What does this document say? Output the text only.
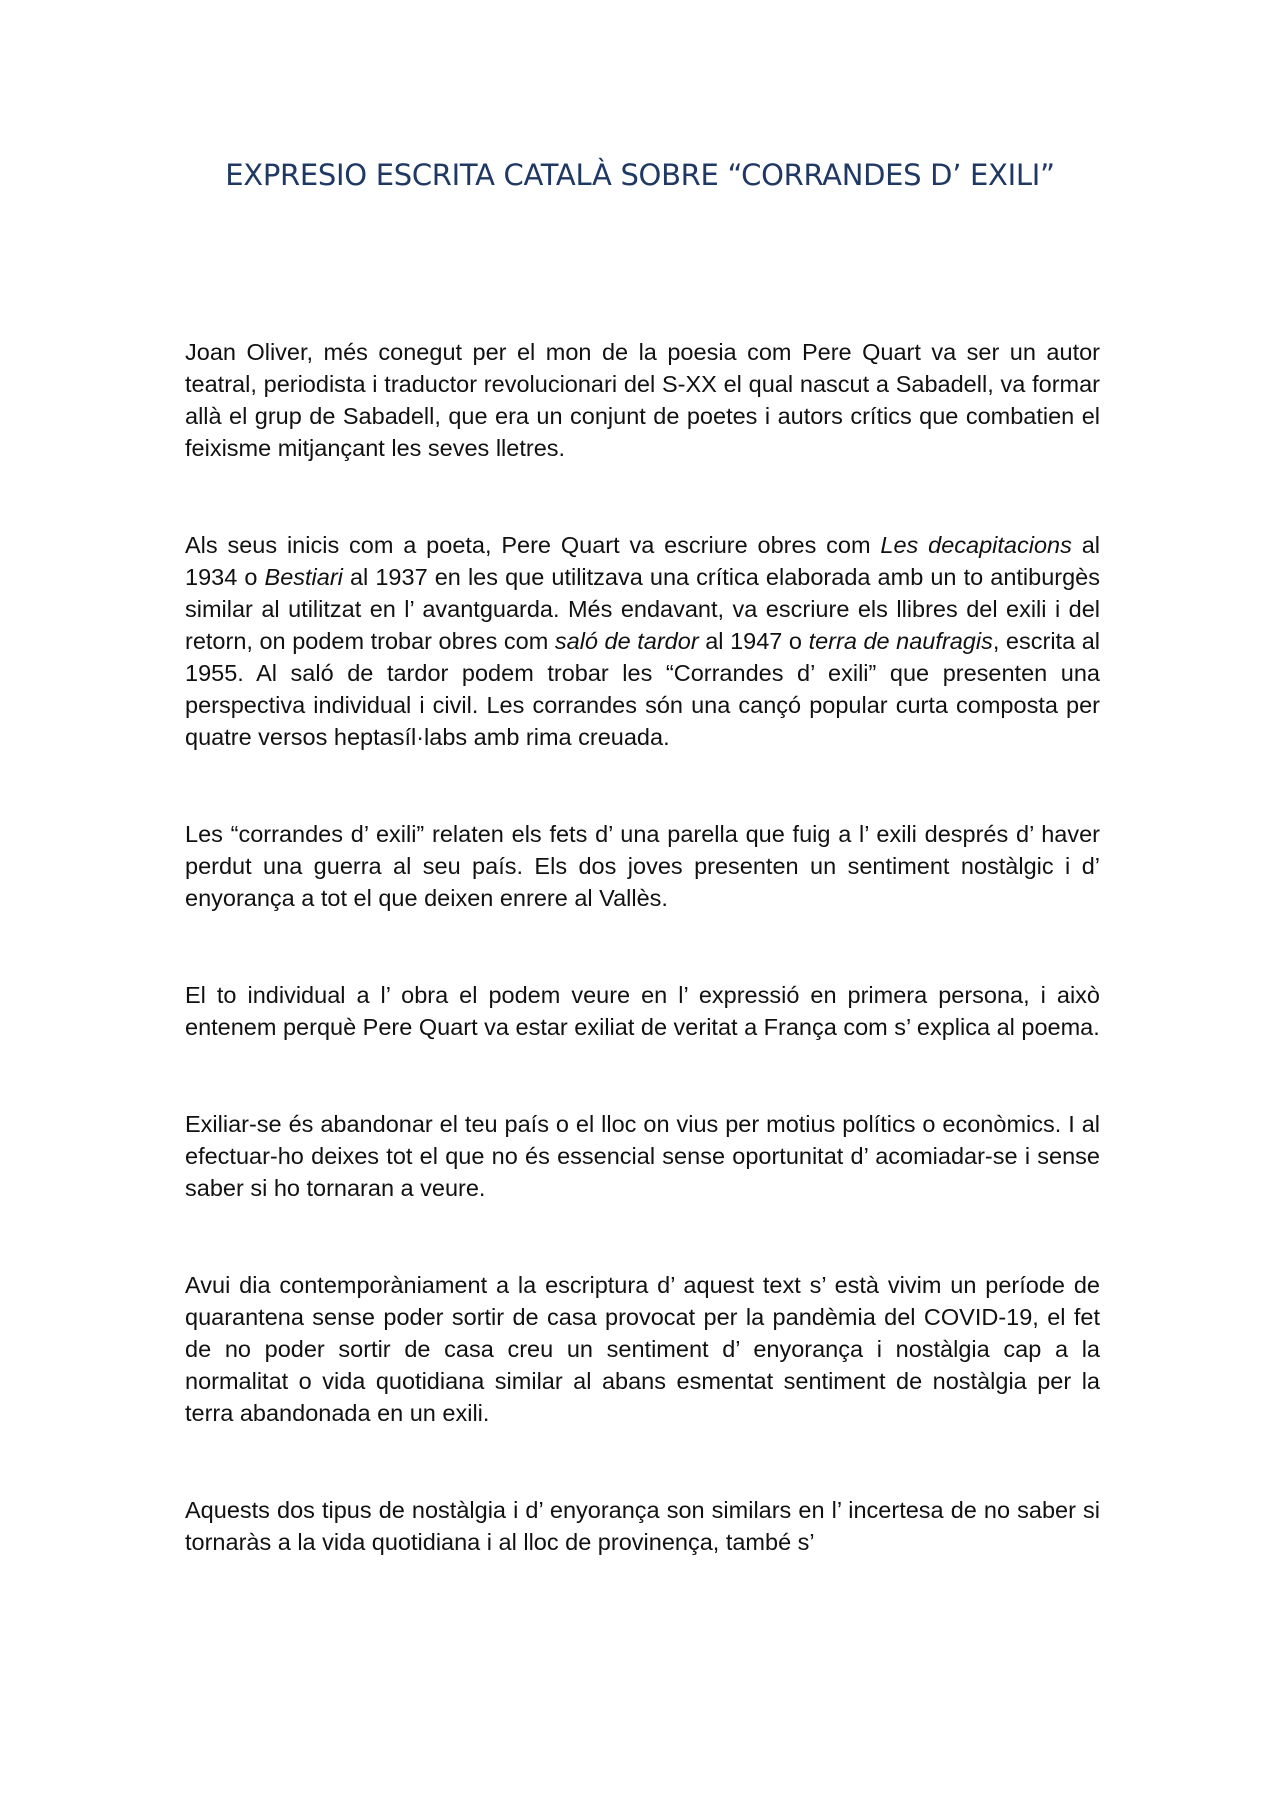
EXPRESIO ESCRITA CATALÀ SOBRE “CORRANDES D’ EXILI”

Joan Oliver, més conegut per el mon de la poesia com Pere Quart va ser un autor teatral, periodista i traductor revolucionari del S-XX el qual nascut a Sabadell, va formar allà el grup de Sabadell, que era un conjunt de poetes i autors crítics que combatien el feixisme mitjançant les seves lletres.

Als seus inicis com a poeta, Pere Quart va escriure obres com Les decapitacions al 1934 o Bestiari al 1937 en les que utilitzava una crítica elaborada amb un to antiburgès similar al utilitzat en l’ avantguarda. Més endavant, va escriure els llibres del exili i del retorn, on podem trobar obres com saló de tardor al 1947 o terra de naufragis, escrita al 1955. Al saló de tardor podem trobar les “Corrandes d’ exili” que presenten una perspectiva individual i civil. Les corrandes són una cançó popular curta composta per quatre versos heptasíl·labs amb rima creuada.

Les “corrandes d’ exili” relaten els fets d’ una parella que fuig a l’ exili després d’ haver perdut una guerra al seu país. Els dos joves presenten un sentiment nostàlgic i d’ enyorança a tot el que deixen enrere al Vallès.

El to individual a l’ obra el podem veure en l’ expressió en primera persona, i això entenem perquè Pere Quart va estar exiliat de veritat a França com s’ explica al poema.

Exiliar-se és abandonar el teu país o el lloc on vius per motius polítics o econòmics. I al efectuar-ho deixes tot el que no és essencial sense oportunitat d’ acomiadar-se i sense saber si ho tornaran a veure.

Avui dia contemporàniament a la escriptura d’ aquest text s’ està vivim un període de quarantena sense poder sortir de casa provocat per la pandèmia del COVID-19, el fet de no poder sortir de casa creu un sentiment d’ enyorança i nostàlgia cap a la normalitat o vida quotidiana similar al abans esmentat sentiment de nostàlgia per la terra abandonada en un exili.

Aquests dos tipus de nostàlgia i d’ enyorança son similars en l’ incertesa de no saber si tornaràs a la vida quotidiana i al lloc de provinença, també s’
